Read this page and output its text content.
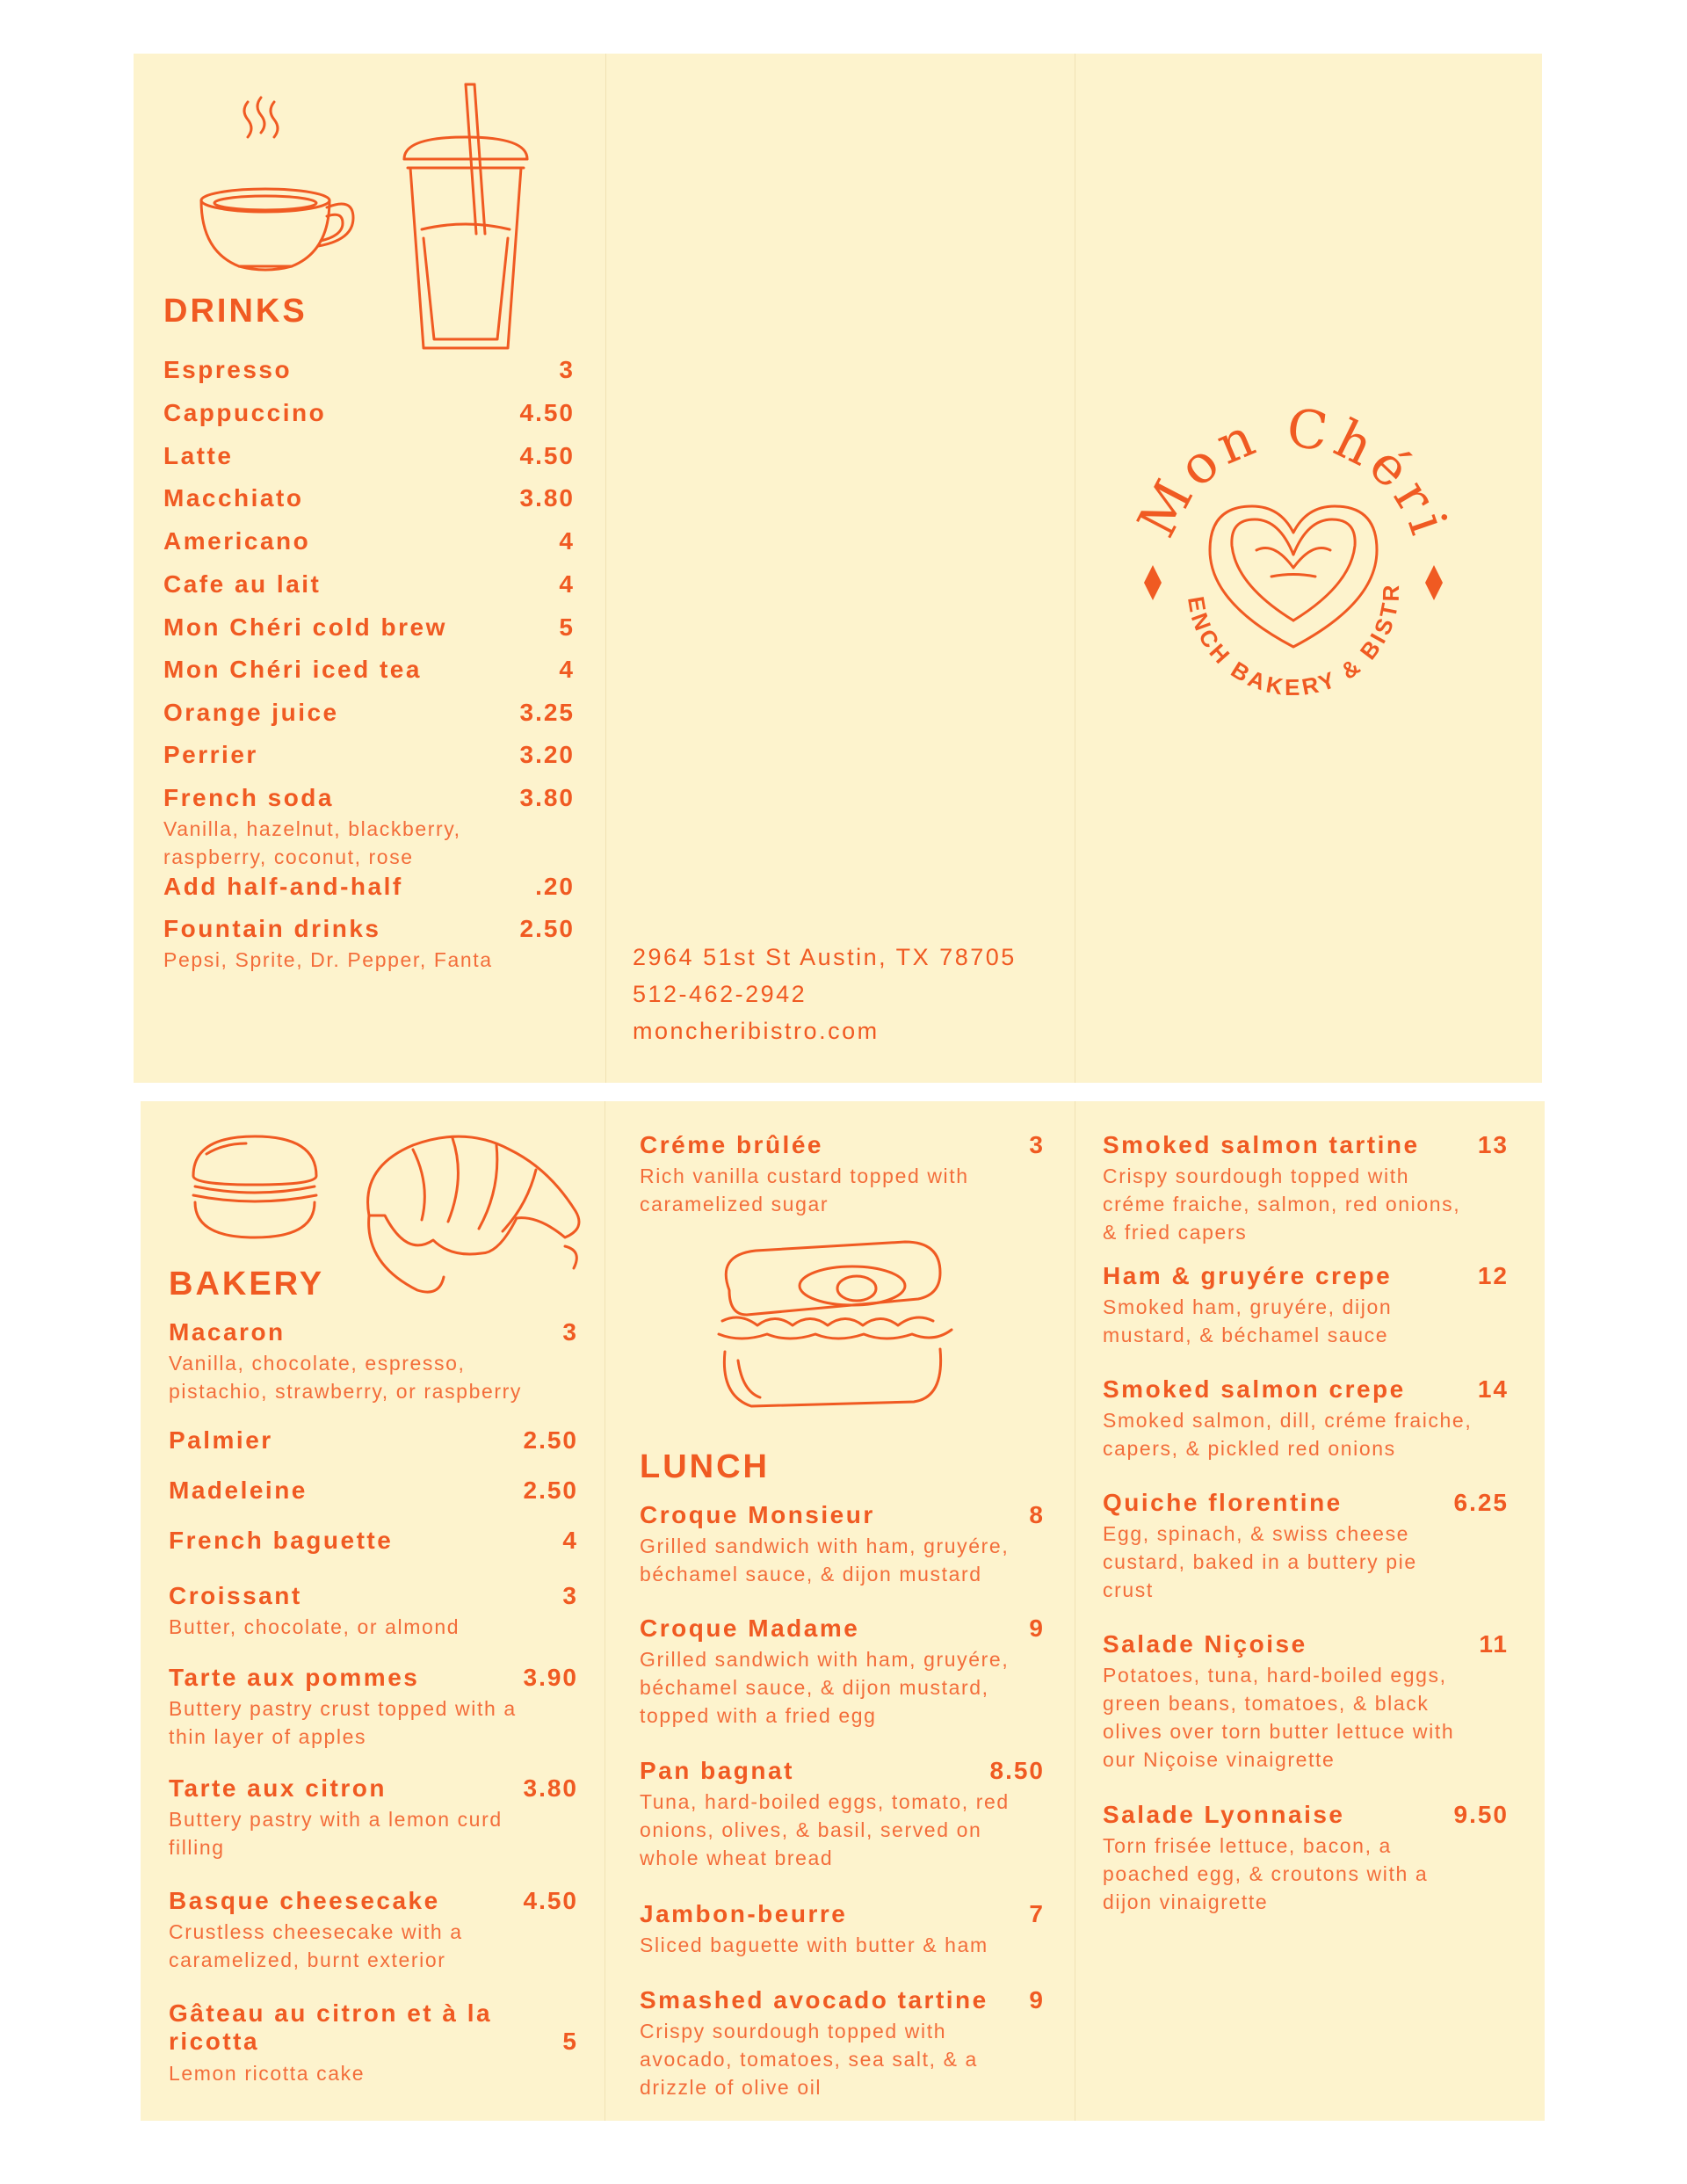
DRINKS
Espresso	3
Cappuccino	4.50
Latte	4.50
Macchiato	3.80
Americano	4
Cafe au lait	4
Mon Chéri cold brew	5
Mon Chéri iced tea	4
Orange juice	3.25
Perrier	3.20
French soda	3.80
Vanilla, hazelnut, blackberry,
raspberry, coconut, rose
Add half-and-half	.20
Fountain drinks	2.50
Pepsi, Sprite, Dr. Pepper, Fanta	2964 51st St Austin, TX 78705
512-462-2942
moncheribistro.com
Mon Chéri
FRENCH BAKERY & BISTRO
BAKERY
Macaron	3
Vanilla, chocolate, espresso,
pistachio, strawberry, or raspberry
Palmier	2.50
Madeleine	2.50
French baguette	4
Croissant	3
Butter, chocolate, or almond
Tarte aux pommes	3.90
Buttery pastry crust topped with a
thin layer of apples
Tarte aux citron	3.80
Buttery pastry with a lemon curd
filling
Basque cheesecake	4.50
Crustless cheesecake with a
caramelized, burnt exterior
Gâteau au citron et à la
ricotta	5
Lemon ricotta cake
Créme brûlée	3
Rich vanilla custard topped with
caramelized sugar
LUNCH
Croque Monsieur	8
Grilled sandwich with ham, gruyére,
béchamel sauce, & dijon mustard
Croque Madame	9
Grilled sandwich with ham, gruyére,
béchamel sauce, & dijon mustard,
topped with a fried egg
Pan bagnat	8.50
Tuna, hard-boiled eggs, tomato, red
onions, olives, & basil, served on
whole wheat bread
Jambon-beurre	7
Sliced baguette with butter & ham
Smashed avocado tartine 9
Crispy sourdough topped with
avocado, tomatoes, sea salt, & a
drizzle of olive oil
Smoked salmon tartine 13
Crispy sourdough topped with
créme fraiche, salmon, red onions,
& fried capers
Ham & gruyére crepe	12
Smoked ham, gruyére, dijon
mustard, & béchamel sauce
Smoked salmon crepe	14
Smoked salmon, dill, créme fraiche,
capers, & pickled red onions
Quiche florentine	6.25
Egg, spinach, & swiss cheese
custard, baked in a buttery pie
crust
Salade Niçoise	11
Potatoes, tuna, hard-boiled eggs,
green beans, tomatoes, & black
olives over torn butter lettuce with
our Niçoise vinaigrette
Salade Lyonnaise	9.50
Torn frisée lettuce, bacon, a
poached egg, & croutons with a
dijon vinaigrette
